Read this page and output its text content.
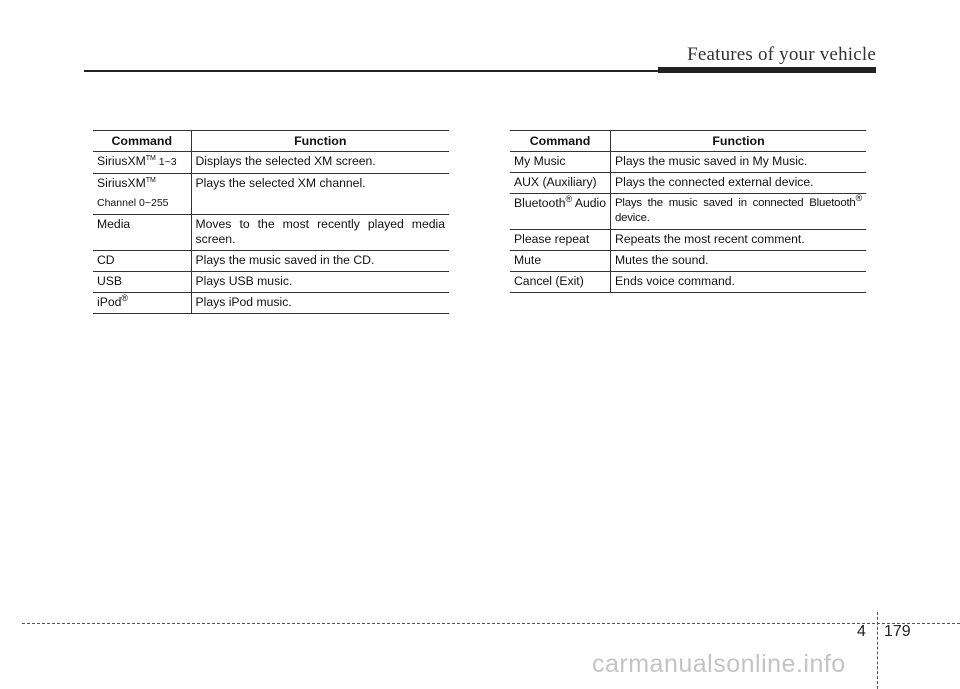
Features of your vehicle
Command	Function
SiriusXM™ 1~3	Displays the selected XM screen.
SiriusXM™
Channel 0~255	Plays the selected XM channel.
Media	Moves to the most recently played media screen.
CD	Plays the music saved in the CD.
USB	Plays USB music.
iPod®	Plays iPod music.
Command	Function
My Music	Plays the music saved in My Music.
AUX (Auxiliary)	Plays the connected external device.
Bluetooth® Audio	Plays the music saved in connected Bluetooth® device.
Please repeat	Repeats the most recent comment.
Mute	Mutes the sound.
Cancel (Exit)	Ends voice command.
4 179
carmanualsonline.info
